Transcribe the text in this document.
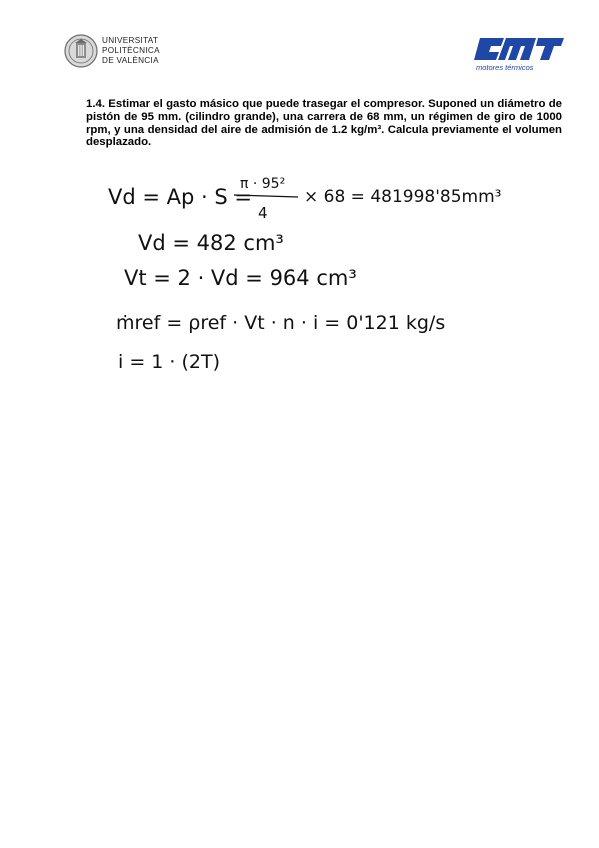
UNIVERSITAT
POLITÈCNICA
DE VALÈNCIA
cmt
motores térmicos
1.4. Estimar el gasto másico que puede trasegar el compresor. Suponed un diámetro de pistón de 95 mm. (cilindro grande), una carrera de 68 mm, un régimen de giro de 1000 rpm, y una densidad del aire de admisión de 1.2 kg/m³. Calcula previamente el volumen desplazado.
Vd = Ap · S =
π · 95²
4
× 68 = 481998'85mm³
Vd = 482 cm³
Vt = 2 · Vd = 964 cm³
ṁref = ρref · Vt · n · i = 0'121 kg/s
i = 1 · (2T)
